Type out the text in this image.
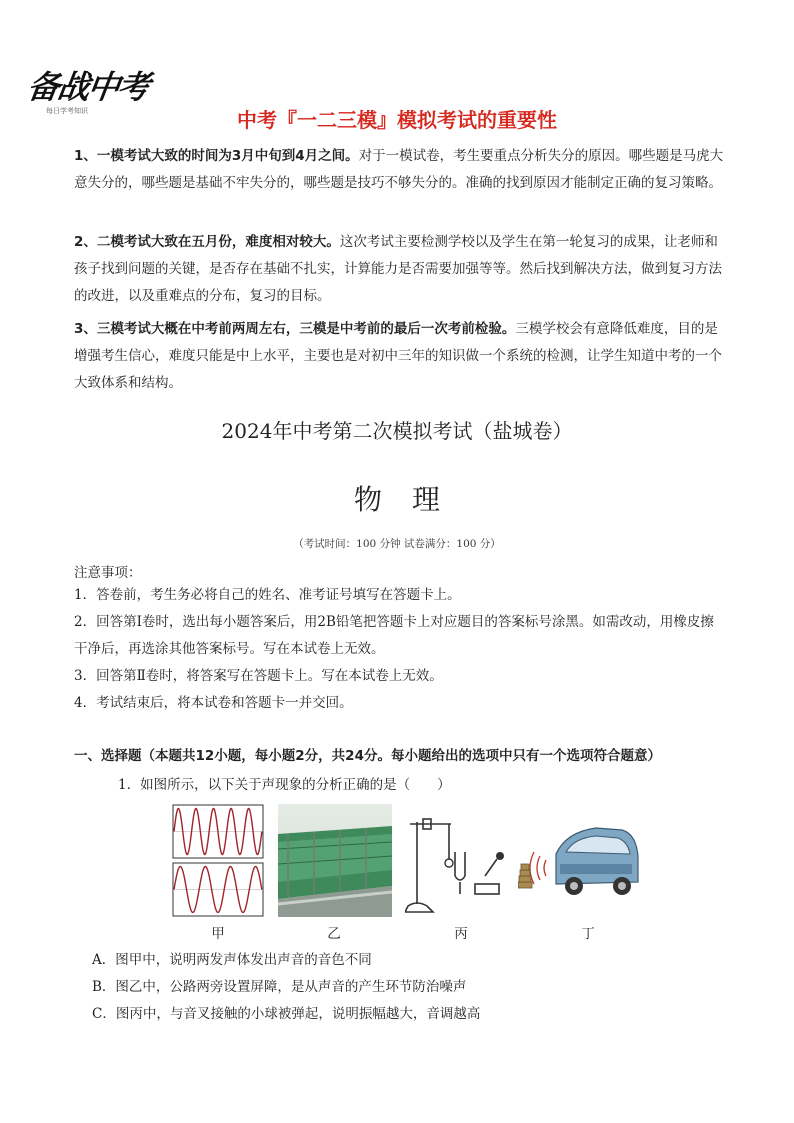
备战中考
每日学考知识	中考『一二三模』模拟考试的重要性
1、一模考试大致的时间为3月中旬到4月之间。对于一模试卷，考生要重点分析失分的原因。哪些题是马虎大意失分的，哪些题是基础不牢失分的，哪些题是技巧不够失分的。准确的找到原因才能制定正确的复习策略。
2、二模考试大致在五月份，难度相对较大。这次考试主要检测学校以及学生在第一轮复习的成果，让老师和孩子找到问题的关键，是否存在基础不扎实，计算能力是否需要加强等等。然后找到解决方法，做到复习方法的改进，以及重难点的分布，复习的目标。
3、三模考试大概在中考前两周左右，三模是中考前的最后一次考前检验。三模学校会有意降低难度，目的是增强考生信心，难度只能是中上水平，主要也是对初中三年的知识做一个系统的检测，让学生知道中考的一个大致体系和结构。
2024年中考第二次模拟考试（盐城卷）
物理
（考试时间：100 分钟 试卷满分：100 分）
注意事项：
1．答卷前，考生务必将自己的姓名、准考证号填写在答题卡上。
2．回答第Ⅰ卷时，选出每小题答案后，用2B铅笔把答题卡上对应题目的答案标号涂黑。如需改动，用橡皮擦干净后，再选涂其他答案标号。写在本试卷上无效。
3．回答第Ⅱ卷时，将答案写在答题卡上。写在本试卷上无效。
4．考试结束后，将本试卷和答题卡一并交回。
一、选择题（本题共12小题，每小题2分，共24分。每小题给出的选项中只有一个选项符合题意）
1．如图所示，以下关于声现象的分析正确的是（　　）
甲	乙	丙	丁
A．图甲中，说明两发声体发出声音的音色不同
B．图乙中，公路两旁设置屏障，是从声音的产生环节防治噪声
C．图丙中，与音叉接触的小球被弹起，说明振幅越大，音调越高
